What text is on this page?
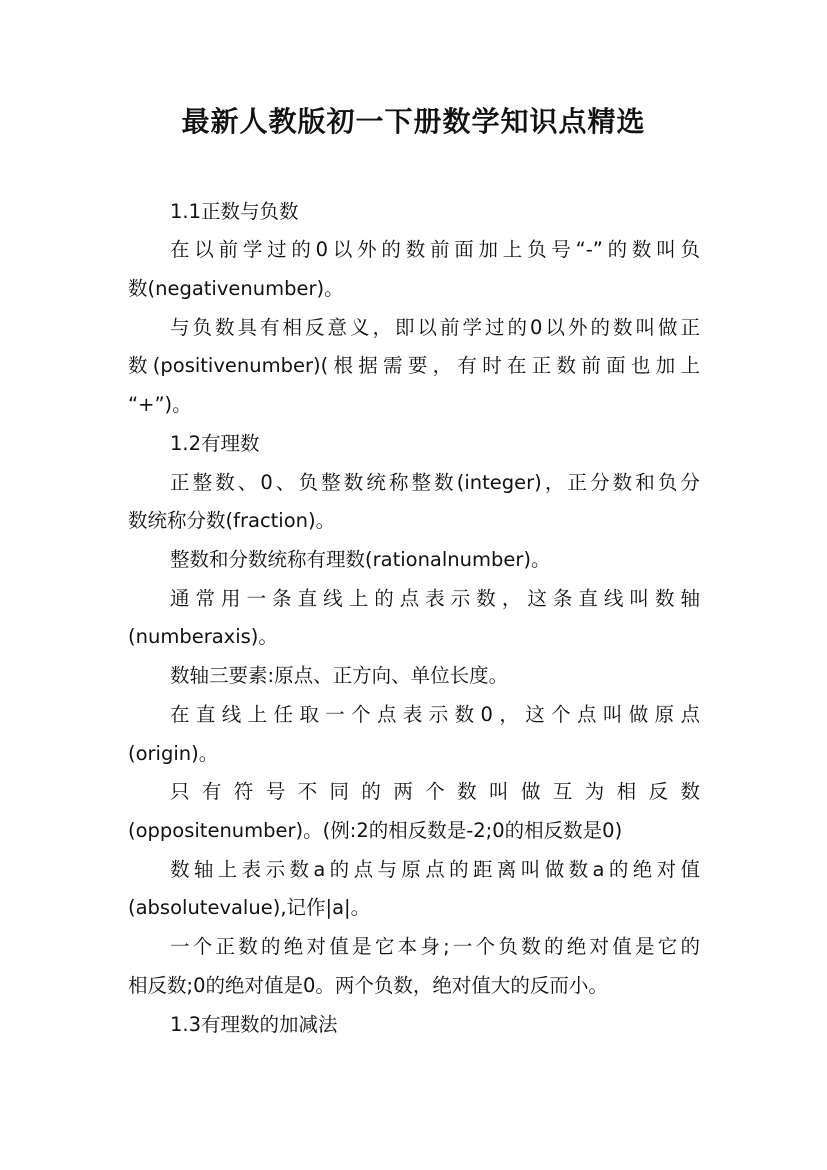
最新人教版初一下册数学知识点精选
1.1正数与负数
在以前学过的0以外的数前面加上负号“-”的数叫负
数(negativenumber)。
与负数具有相反意义，即以前学过的0以外的数叫做正
数(positivenumber)(根据需要，有时在正数前面也加上
“+”)。
1.2有理数
正整数、0、负整数统称整数(integer)，正分数和负分
数统称分数(fraction)。
整数和分数统称有理数(rationalnumber)。
通常用一条直线上的点表示数，这条直线叫数轴
(numberaxis)。
数轴三要素:原点、正方向、单位长度。
在直线上任取一个点表示数0，这个点叫做原点
(origin)。
只有符号不同的两个数叫做互为相反数
(oppositenumber)。(例:2的相反数是-2;0的相反数是0)
数轴上表示数a的点与原点的距离叫做数a的绝对值
(absolutevalue),记作|a|。
一个正数的绝对值是它本身;一个负数的绝对值是它的
相反数;0的绝对值是0。两个负数，绝对值大的反而小。
1.3有理数的加减法
